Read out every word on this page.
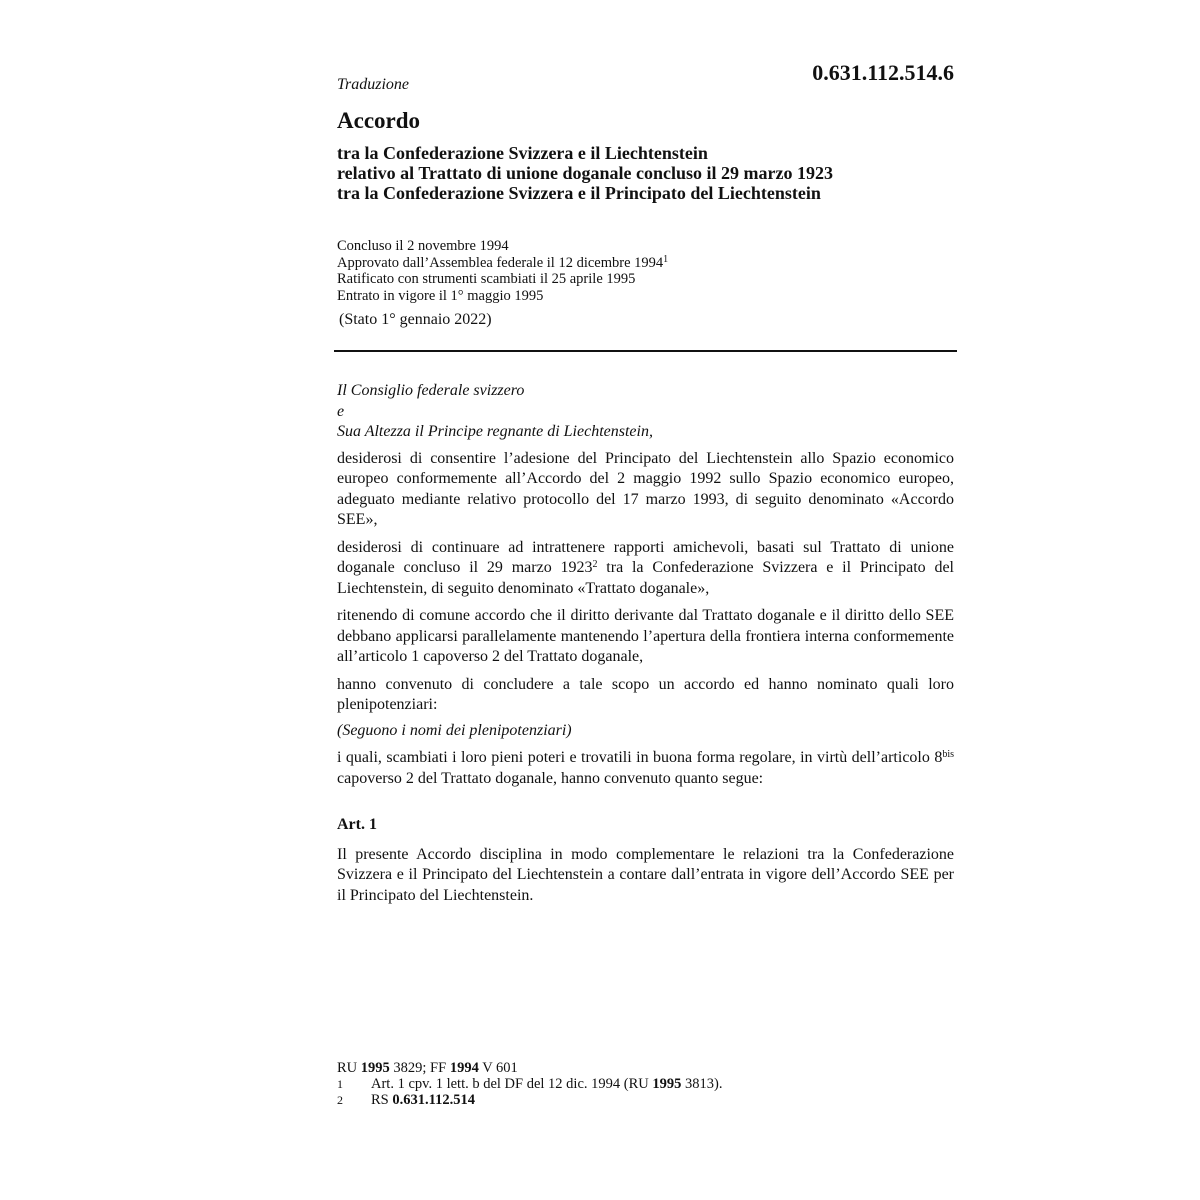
0.631.112.514.6
Traduzione
Accordo
tra la Confederazione Svizzera e il Liechtenstein
relativo al Trattato di unione doganale concluso il 29 marzo 1923
tra la Confederazione Svizzera e il Principato del Liechtenstein
Concluso il 2 novembre 1994
Approvato dall’Assemblea federale il 12 dicembre 1994$^1$
Ratificato con strumenti scambiati il 25 aprile 1995
Entrato in vigore il 1° maggio 1995
(Stato 1° gennaio 2022)
Il Consiglio federale svizzero
e
Sua Altezza il Principe regnante di Liechtenstein,
desiderosi di consentire l’adesione del Principato del Liechtenstein allo Spazio economico europeo conformemente all’Accordo del 2 maggio 1992 sullo Spazio economico europeo, adeguato mediante relativo protocollo del 17 marzo 1993, di seguito denominato «Accordo SEE»,
desiderosi di continuare ad intrattenere rapporti amichevoli, basati sul Trattato di unione doganale concluso il 29 marzo 1923$^2$ tra la Confederazione Svizzera e il Principato del Liechtenstein, di seguito denominato «Trattato doganale»,
ritenendo di comune accordo che il diritto derivante dal Trattato doganale e il diritto dello SEE debbano applicarsi parallelamente mantenendo l’apertura della frontiera interna conformemente all’articolo 1 capoverso 2 del Trattato doganale,
hanno convenuto di concludere a tale scopo un accordo ed hanno nominato quali loro plenipotenziari:
(Seguono i nomi dei plenipotenziari)
i quali, scambiati i loro pieni poteri e trovatili in buona forma regolare, in virtù dell’articolo $8^{bis}$ capoverso 2 del Trattato doganale, hanno convenuto quanto segue:
Art. 1
Il presente Accordo disciplina in modo complementare le relazioni tra la Confederazione Svizzera e il Principato del Liechtenstein a contare dall’entrata in vigore dell’Accordo SEE per il Principato del Liechtenstein.
RU 1995 3829; FF 1994 V 601
1	Art. 1 cpv. 1 lett. b del DF del 12 dic. 1994 (RU 1995 3813).
2	RS 0.631.112.514
